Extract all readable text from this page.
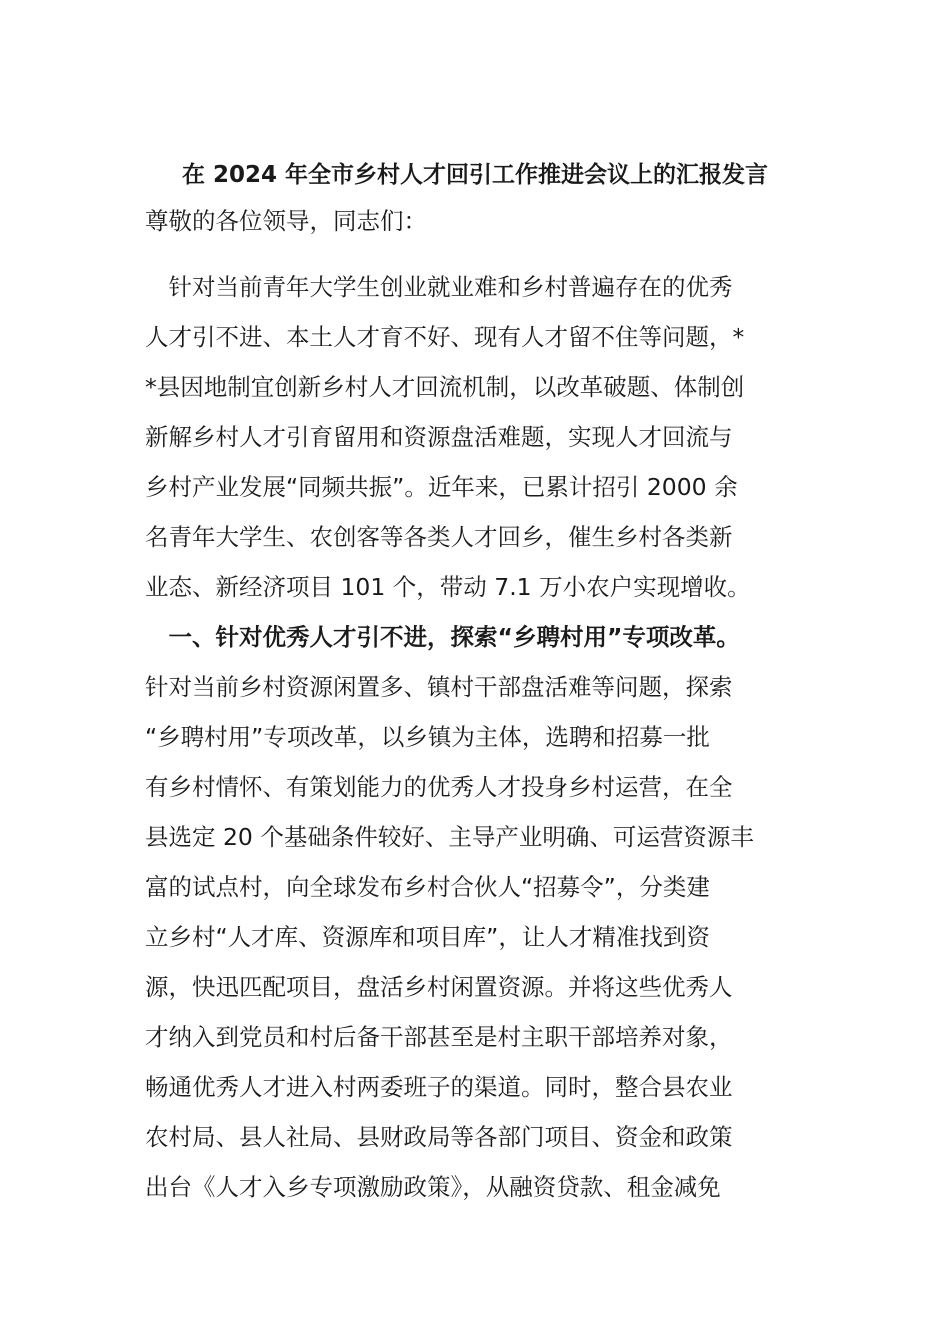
在 2024 年全市乡村人才回引工作推进会议上的汇报发言
尊敬的各位领导，同志们：
　针对当前青年大学生创业就业难和乡村普遍存在的优秀
人才引不进、本土人才育不好、现有人才留不住等问题，*
*县因地制宜创新乡村人才回流机制，以改革破题、体制创
新解乡村人才引育留用和资源盘活难题，实现人才回流与
乡村产业发展“同频共振”。近年来，已累计招引 2000 余
名青年大学生、农创客等各类人才回乡，催生乡村各类新
业态、新经济项目 101 个，带动 7.1 万小农户实现增收。
　一、针对优秀人才引不进，探索“乡聘村用”专项改革。
针对当前乡村资源闲置多、镇村干部盘活难等问题，探索
“乡聘村用”专项改革，以乡镇为主体，选聘和招募一批
有乡村情怀、有策划能力的优秀人才投身乡村运营，在全
县选定 20 个基础条件较好、主导产业明确、可运营资源丰
富的试点村，向全球发布乡村合伙人“招募令”，分类建
立乡村“人才库、资源库和项目库”，让人才精准找到资
源，快迅匹配项目，盘活乡村闲置资源。并将这些优秀人
才纳入到党员和村后备干部甚至是村主职干部培养对象，
畅通优秀人才进入村两委班子的渠道。同时，整合县农业
农村局、县人社局、县财政局等各部门项目、资金和政策
出台《人才入乡专项激励政策》，从融资贷款、租金减免
